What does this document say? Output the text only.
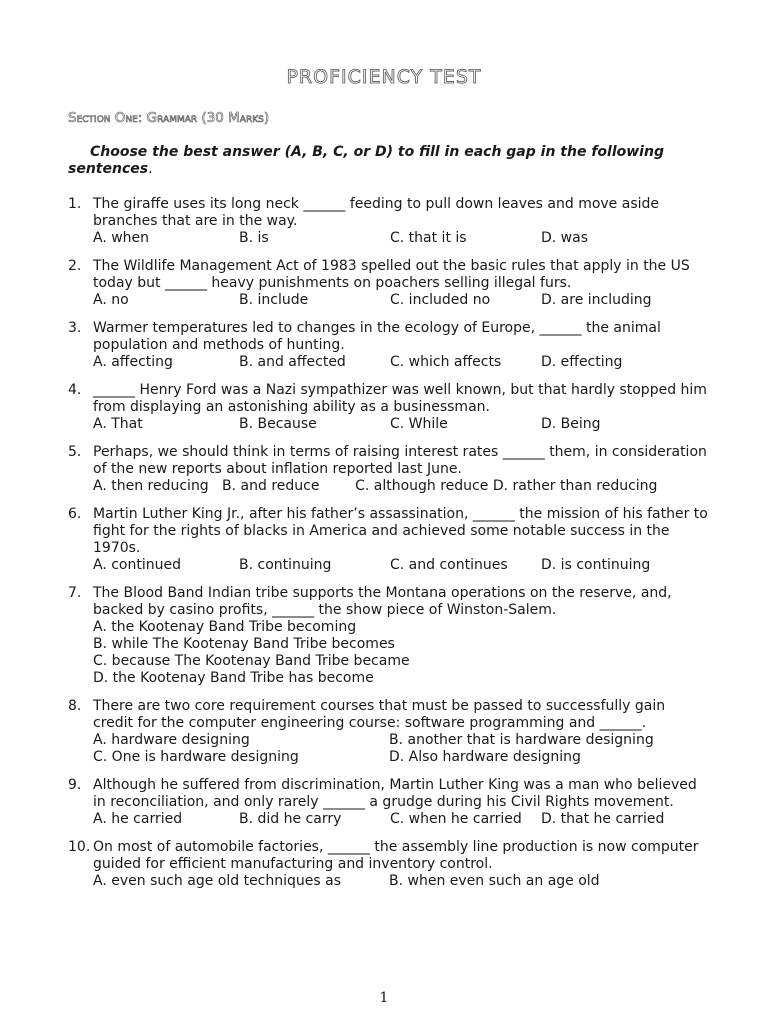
PROFICIENCY TEST
Section One: Grammar (30 Marks)
Choose the best answer (A, B, C, or D) to fill in each gap in the following sentences.
1. The giraffe uses its long neck ______ feeding to pull down leaves and move aside branches that are in the way.
A. when	B. is	C. that it is	D. was
2. The Wildlife Management Act of 1983 spelled out the basic rules that apply in the US today but ______ heavy punishments on poachers selling illegal furs.
A. no	B. include	C. included no	D. are including
3. Warmer temperatures led to changes in the ecology of Europe, ______ the animal population and methods of hunting.
A. affecting	B. and affected	C. which affects	D. effecting
4. ______ Henry Ford was a Nazi sympathizer was well known, but that hardly stopped him from displaying an astonishing ability as a businessman.
A. That	B. Because	C. While	D. Being
5. Perhaps, we should think in terms of raising interest rates ______ them, in consideration of the new reports about inflation reported last June.
A. then reducing   B. and reduce        C. although reduce D. rather than reducing
6. Martin Luther King Jr., after his father’s assassination, ______ the mission of his father to fight for the rights of blacks in America and achieved some notable success in the 1970s.
A. continued	B. continuing	C. and continues	D. is continuing
7. The Blood Band Indian tribe supports the Montana operations on the reserve, and, backed by casino profits, ______ the show piece of Winston-Salem.
A. the Kootenay Band Tribe becoming
B. while The Kootenay Band Tribe becomes
C. because The Kootenay Band Tribe became
D. the Kootenay Band Tribe has become
8. There are two core requirement courses that must be passed to successfully gain credit for the computer engineering course: software programming and ______.
A. hardware designing	B. another that is hardware designing
C. One is hardware designing	D. Also hardware designing
9. Although he suffered from discrimination, Martin Luther King was a man who believed in reconciliation, and only rarely ______ a grudge during his Civil Rights movement.
A. he carried	B. did he carry	C. when he carried	D. that he carried
10. On most of automobile factories, ______ the assembly line production is now computer guided for efficient manufacturing and inventory control.
A. even such age old techniques as	B. when even such an age old
1
